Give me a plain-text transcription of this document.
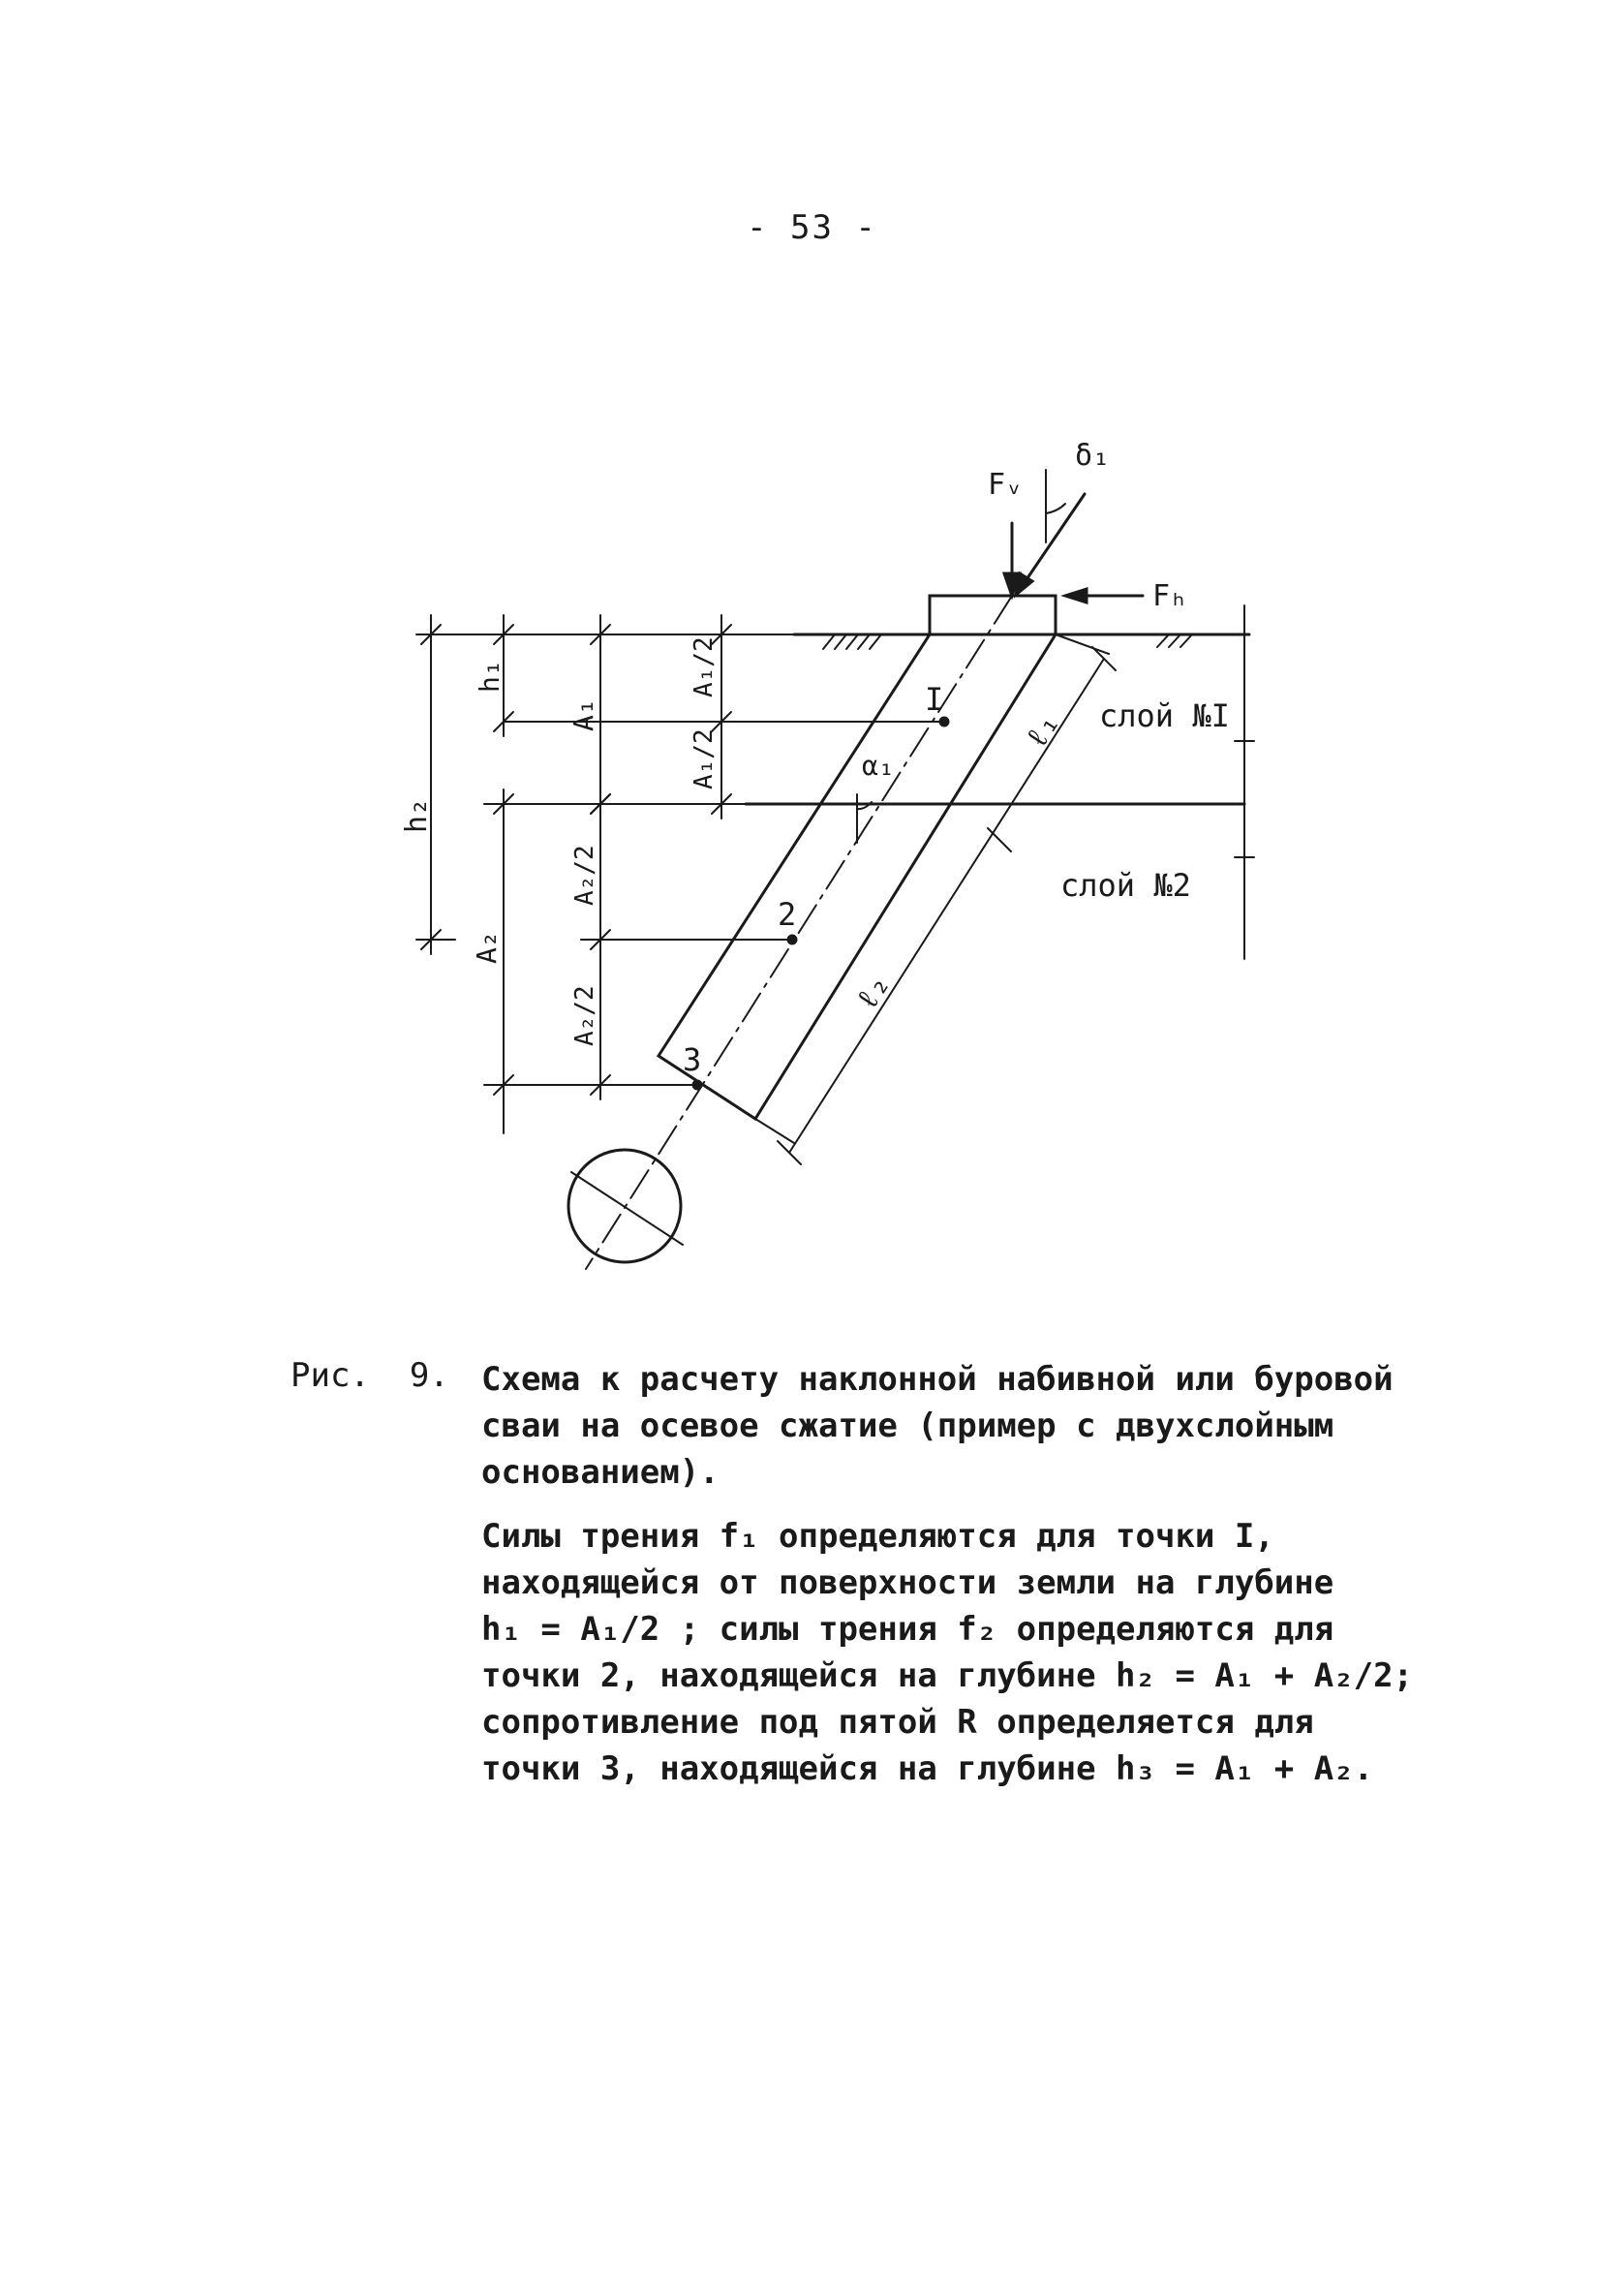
- 53 -
Fᵥ
δ₁
Fₕ
α₁
I
2
3
слой №I
слой №2
ℓ₁
ℓ₂
h₂
h₁
A₁
A₁/2
A₁/2
A₂
A₂/2
A₂/2
Рис.  9. Схема к расчету наклонной набивной или буровой
сваи на осевое сжатие (пример с двухслойным
основанием).
Силы трения f₁ определяются для точки I,
находящейся от поверхности земли на глубине
h₁ = A₁/2 ; силы трения f₂ определяются для
точки 2, находящейся на глубине h₂ = A₁ + A₂/2;
сопротивление под пятой R определяется для
точки 3, находящейся на глубине h₃ = A₁ + A₂.
